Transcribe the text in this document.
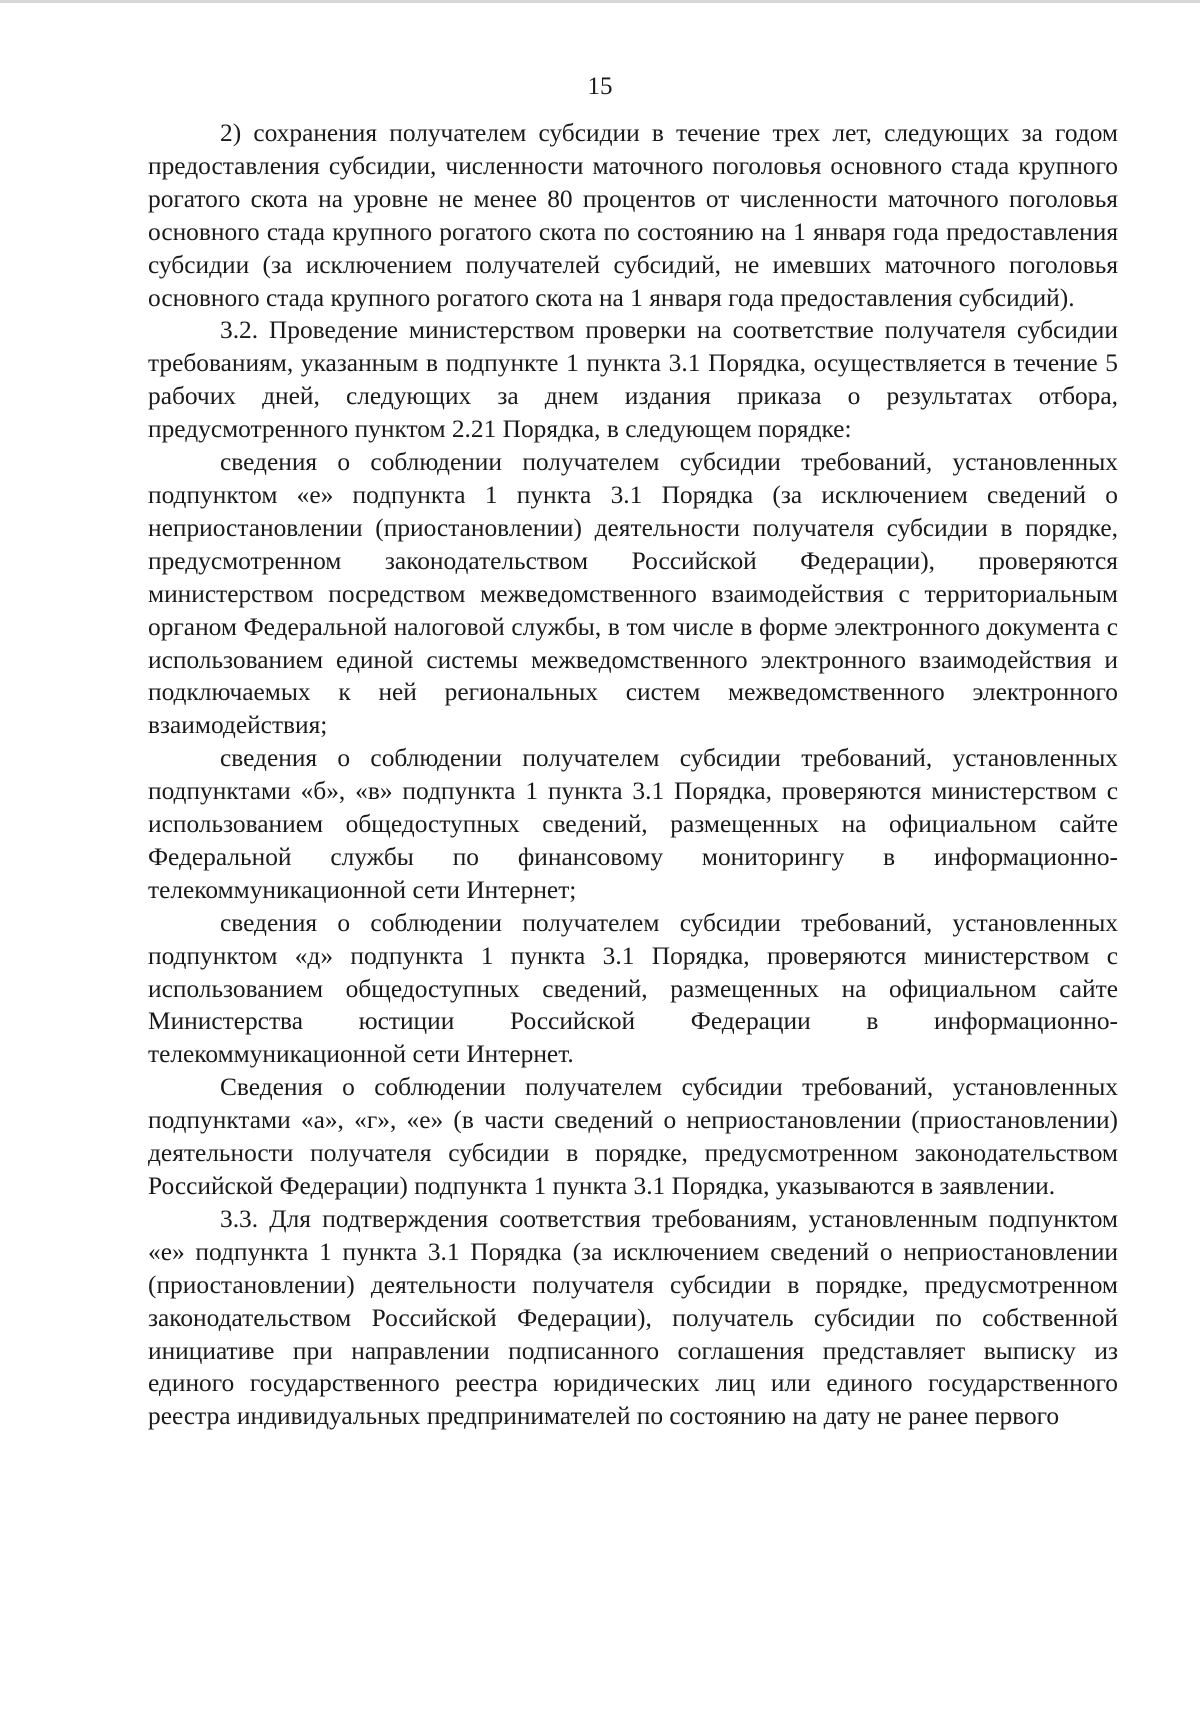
15

2) сохранения получателем субсидии в течение трех лет, следующих за годом предоставления субсидии, численности маточного поголовья основного стада крупного рогатого скота на уровне не менее 80 процентов от численности маточного поголовья основного стада крупного рогатого скота по состоянию на 1 января года предоставления субсидии (за исключением получателей субсидий, не имевших маточного поголовья основного стада крупного рогатого скота на 1 января года предоставления субсидий).

3.2. Проведение министерством проверки на соответствие получателя субсидии требованиям, указанным в подпункте 1 пункта 3.1 Порядка, осуществляется в течение 5 рабочих дней, следующих за днем издания приказа о результатах отбора, предусмотренного пунктом 2.21 Порядка, в следующем порядке:

сведения о соблюдении получателем субсидии требований, установленных подпунктом «е» подпункта 1 пункта 3.1 Порядка (за исключением сведений о неприостановлении (приостановлении) деятельности получателя субсидии в порядке, предусмотренном законодательством Российской Федерации), проверяются министерством посредством межведомственного взаимодействия с территориальным органом Федеральной налоговой службы, в том числе в форме электронного документа с использованием единой системы межведомственного электронного взаимодействия и подключаемых к ней региональных систем межведомственного электронного взаимодействия;

сведения о соблюдении получателем субсидии требований, установленных подпунктами «б», «в» подпункта 1 пункта 3.1 Порядка, проверяются министерством с использованием общедоступных сведений, размещенных на официальном сайте Федеральной службы по финансовому мониторингу в информационно-телекоммуникационной сети Интернет;

сведения о соблюдении получателем субсидии требований, установленных подпунктом «д» подпункта 1 пункта 3.1 Порядка, проверяются министерством с использованием общедоступных сведений, размещенных на официальном сайте Министерства юстиции Российской Федерации в информационно-телекоммуникационной сети Интернет.

Сведения о соблюдении получателем субсидии требований, установленных подпунктами «а», «г», «е» (в части сведений о неприостановлении (приостановлении) деятельности получателя субсидии в порядке, предусмотренном законодательством Российской Федерации) подпункта 1 пункта 3.1 Порядка, указываются в заявлении.

3.3. Для подтверждения соответствия требованиям, установленным подпунктом «е» подпункта 1 пункта 3.1 Порядка (за исключением сведений о неприостановлении (приостановлении) деятельности получателя субсидии в порядке, предусмотренном законодательством Российской Федерации), получатель субсидии по собственной инициативе при направлении подписанного соглашения представляет выписку из единого государственного реестра юридических лиц или единого государственного реестра индивидуальных предпринимателей по состоянию на дату не ранее первого
